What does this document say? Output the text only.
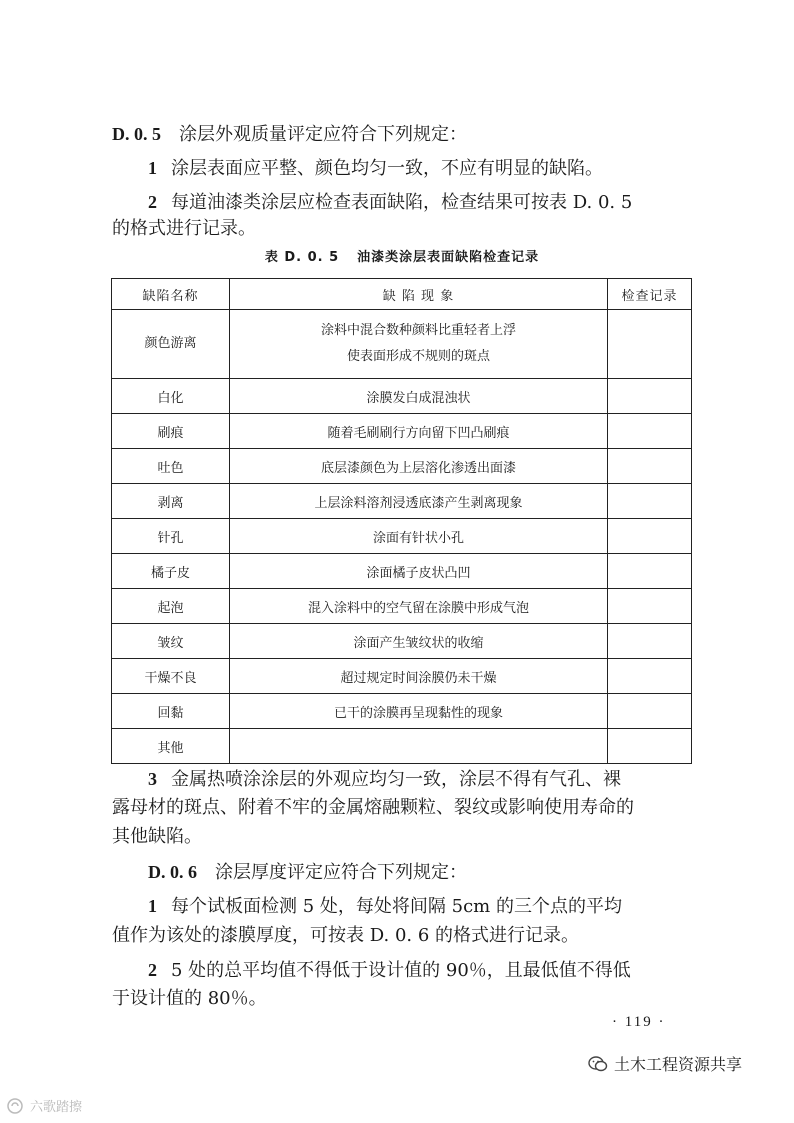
D. 0. 5 涂层外观质量评定应符合下列规定：
1 涂层表面应平整、颜色均匀一致，不应有明显的缺陷。
2 每道油漆类涂层应检查表面缺陷，检查结果可按表 D. 0. 5
的格式进行记录。
表 D. 0. 5 油漆类涂层表面缺陷检查记录
缺陷名称	缺 陷 现 象	检查记录
颜色游离	涂料中混合数种颜料比重轻者上浮
使表面形成不规则的斑点	

白化	涂膜发白成混浊状	
刷痕	随着毛刷刷行方向留下凹凸刷痕	
吐色	底层漆颜色为上层溶化渗透出面漆	
剥离	上层涂料溶剂浸透底漆产生剥离现象	
针孔	涂面有针状小孔	
橘子皮	涂面橘子皮状凸凹	
起泡	混入涂料中的空气留在涂膜中形成气泡	
皱纹	涂面产生皱纹状的收缩	
干燥不良	超过规定时间涂膜仍未干燥	
回黏	已干的涂膜再呈现黏性的现象	
其他		
3 金属热喷涂涂层的外观应均匀一致，涂层不得有气孔、裸
露母材的斑点、附着不牢的金属熔融颗粒、裂纹或影响使用寿命的
其他缺陷。
D. 0. 6 涂层厚度评定应符合下列规定：
1 每个试板面检测 5 处，每处将间隔 5cm 的三个点的平均
值作为该处的漆膜厚度，可按表 D. 0. 6 的格式进行记录。
2 5 处的总平均值不得低于设计值的 90％，且最低值不得低
于设计值的 80％。
· 119 ·
土木工程资源共享
六歌踏擦
